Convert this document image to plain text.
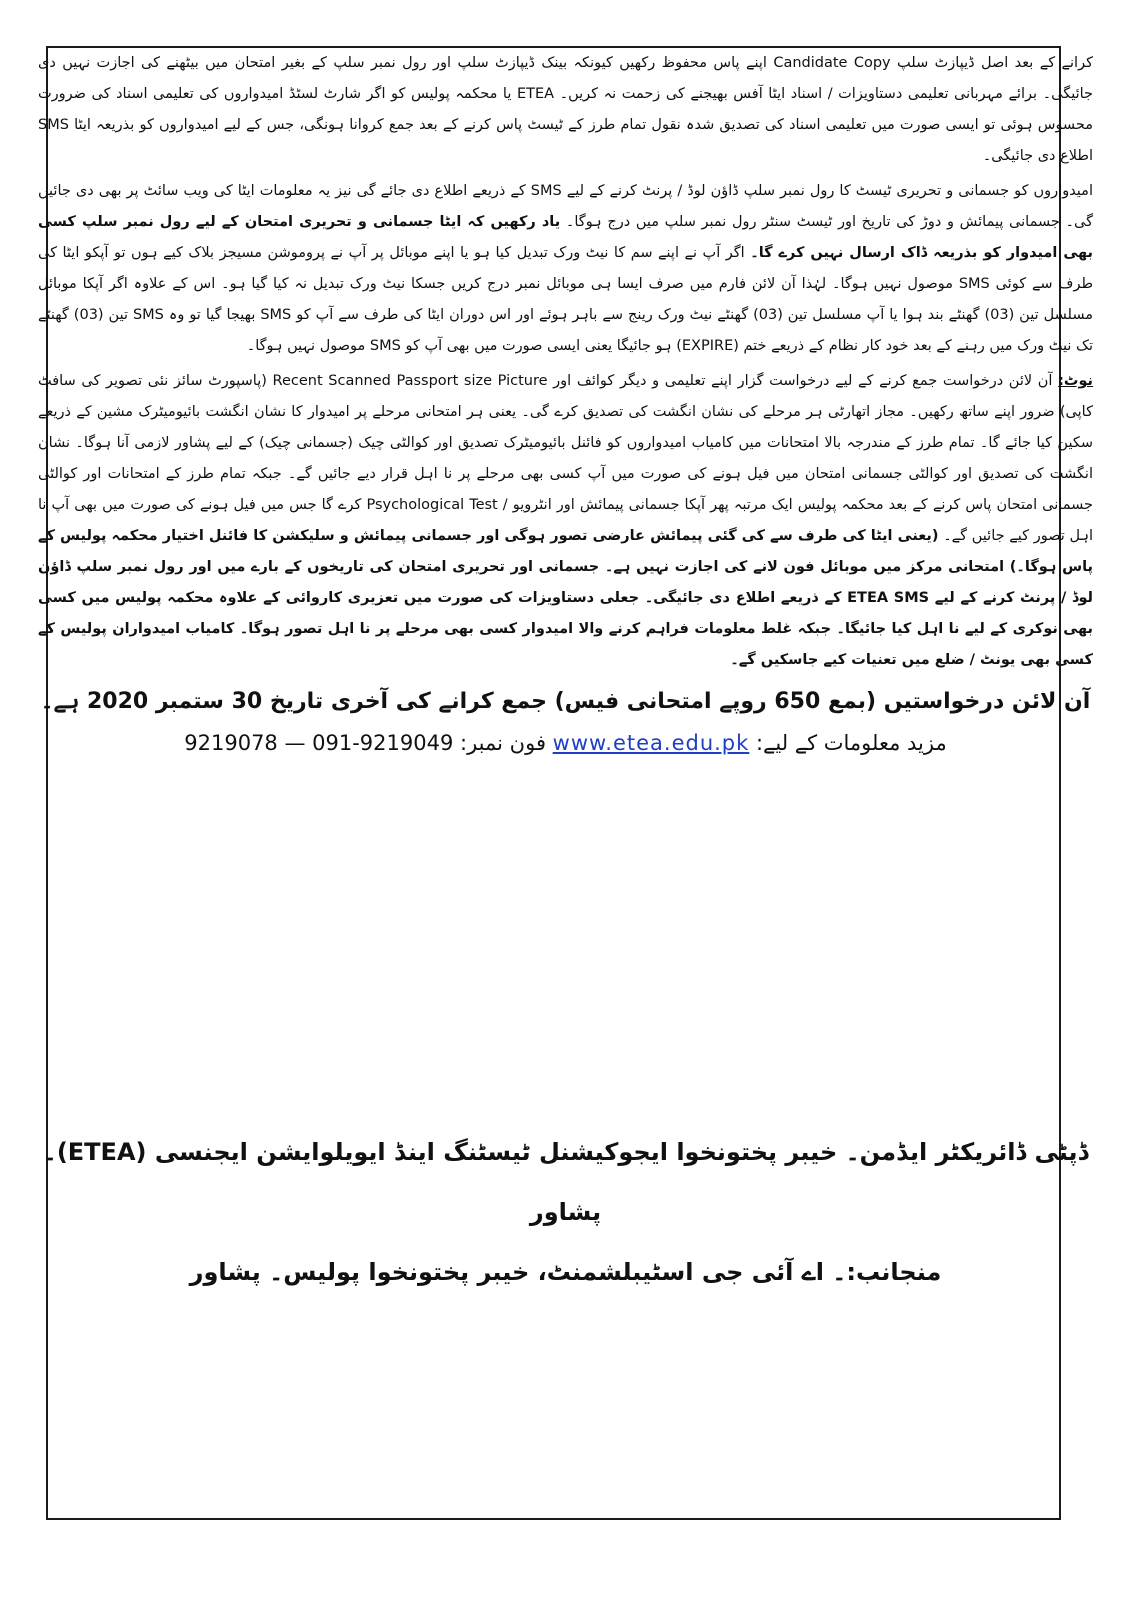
کرانے کے بعد اصل ڈیپازٹ سلپ Candidate Copy اپنے پاس محفوظ رکھیں کیونکہ بینک ڈیپازٹ سلپ اور رول نمبر سلپ کے بغیر امتحان میں بیٹھنے کی اجازت نہیں دی جائیگی۔ برائے مہربانی تعلیمی دستاویزات / اسناد ایٹا آفس بھیجنے کی زحمت نہ کریں۔ ETEA یا محکمہ پولیس کو اگر شارٹ لسٹڈ امیدواروں کی تعلیمی اسناد کی ضرورت محسوس ہوئی تو ایسی صورت میں تعلیمی اسناد کی تصدیق شدہ نقول تمام طرز کے ٹیسٹ پاس کرنے کے بعد جمع کروانا ہونگی، جس کے لیے امیدواروں کو بذریعہ ایٹا SMS اطلاع دی جائیگی۔

امیدواروں کو جسمانی و تحریری ٹیسٹ کا رول نمبر سلپ ڈاؤن لوڈ / پرنٹ کرنے کے لیے SMS کے ذریعے اطلاع دی جائے گی نیز یہ معلومات ایٹا کی ویب سائٹ پر بھی دی جائیں گی۔ جسمانی پیمائش و دوڑ کی تاریخ اور ٹیسٹ سنٹر رول نمبر سلپ میں درج ہوگا۔ یاد رکھیں کہ ایٹا جسمانی و تحریری امتحان کے لیے رول نمبر سلپ کسی بھی امیدوار کو بذریعہ ڈاک ارسال نہیں کرے گا۔ اگر آپ نے اپنے سم کا نیٹ ورک تبدیل کیا ہو یا اپنے موبائل پر آپ نے پروموشن مسیجز بلاک کیے ہوں تو آپکو ایٹا کی طرف سے کوئی SMS موصول نہیں ہوگا۔ لہٰذا آن لائن فارم میں صرف ایسا ہی موبائل نمبر درج کریں جسکا نیٹ ورک تبدیل نہ کیا گیا ہو۔ اس کے علاوہ اگر آپکا موبائل مسلسل تین (03) گھنٹے بند ہوا یا آپ مسلسل تین (03) گھنٹے نیٹ ورک رینج سے باہر ہوئے اور اس دوران ایٹا کی طرف سے آپ کو SMS بھیجا گیا تو وہ SMS تین (03) گھنٹے تک نیٹ ورک میں رہنے کے بعد خود کار نظام کے ذریعے ختم (EXPIRE) ہو جائیگا یعنی ایسی صورت میں بھی آپ کو SMS موصول نہیں ہوگا۔

نوٹ: آن لائن درخواست جمع کرنے کے لیے درخواست گزار اپنے تعلیمی و دیگر کوائف اور Recent Scanned Passport size Picture (پاسپورٹ سائز نئی تصویر کی سافٹ کاپی) ضرور اپنے ساتھ رکھیں۔ مجاز اتھارٹی ہر مرحلے کی نشان انگشت کی تصدیق کرے گی۔ یعنی ہر امتحانی مرحلے پر امیدوار کا نشان انگشت بائیومیٹرک مشین کے ذریعے سکین کیا جائے گا۔ تمام طرز کے مندرجہ بالا امتحانات میں کامیاب امیدواروں کو فائنل بائیومیٹرک تصدیق اور کوالٹی چیک (جسمانی چیک) کے لیے پشاور لازمی آنا ہوگا۔ نشان انگشت کی تصدیق اور کوالٹی جسمانی امتحان میں فیل ہونے کی صورت میں آپ کسی بھی مرحلے پر نا اہل قرار دیے جائیں گے۔ جبکہ تمام طرز کے امتحانات اور کوالٹی جسمانی امتحان پاس کرنے کے بعد محکمہ پولیس ایک مرتبہ پھر آپکا جسمانی پیمائش اور انٹرویو / Psychological Test کرے گا جس میں فیل ہونے کی صورت میں بھی آپ نا اہل تصور کیے جائیں گے۔ (یعنی ایٹا کی طرف سے کی گئی پیمائش عارضی تصور ہوگی اور جسمانی پیمائش و سلیکشن کا فائنل اختیار محکمہ پولیس کے پاس ہوگا۔) امتحانی مرکز میں موبائل فون لانے کی اجازت نہیں ہے۔ جسمانی اور تحریری امتحان کی تاریخوں کے بارے میں اور رول نمبر سلپ ڈاؤن لوڈ / پرنٹ کرنے کے لیے ETEA SMS کے ذریعے اطلاع دی جائیگی۔ جعلی دستاویزات کی صورت میں تعزیری کاروائی کے علاوہ محکمہ پولیس میں کسی بھی نوکری کے لیے نا اہل کیا جائیگا۔ جبکہ غلط معلومات فراہم کرنے والا امیدوار کسی بھی مرحلے پر نا اہل تصور ہوگا۔ کامیاب امیدواران پولیس کے کسی بھی یونٹ / ضلع میں تعنیات کیے جاسکیں گے۔

آن لائن درخواستیں (بمع 650 روپے امتحانی فیس) جمع کرانے کی آخری تاریخ 30 ستمبر 2020 ہے۔

مزید معلومات کے لیے: www.etea.edu.pk فون نمبر: 9219078 — 091-9219049

ڈپٹی ڈائریکٹر ایڈمن۔ خیبر پختونخوا ایجوکیشنل ٹیسٹنگ اینڈ ایویلوایشن ایجنسی (ETEA)۔ پشاور
منجانب:۔ اے آئی جی اسٹیبلشمنٹ، خیبر پختونخوا پولیس۔ پشاور
